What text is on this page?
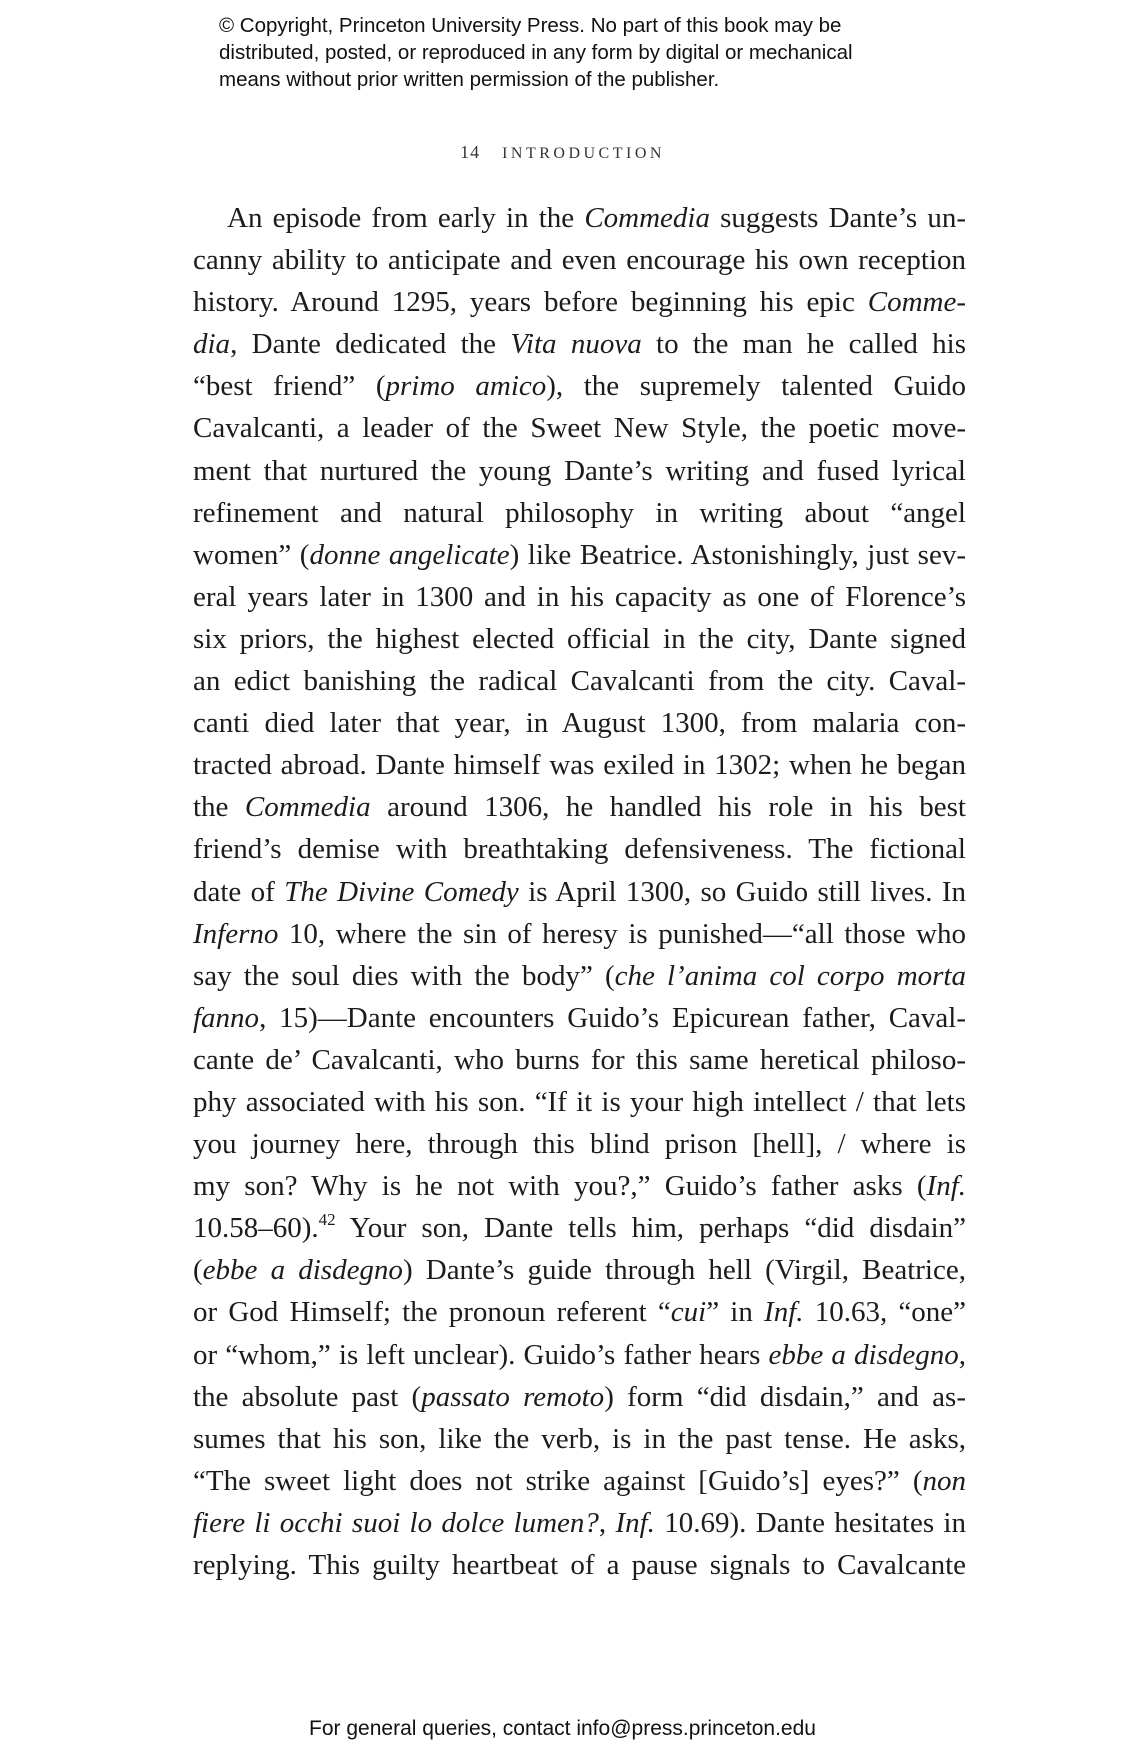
© Copyright, Princeton University Press. No part of this book may be
distributed, posted, or reproduced in any form by digital or mechanical
means without prior written permission of the publisher.
14 INTRODUCTION
An episode from early in the Commedia suggests Dante’s un-
canny ability to anticipate and even encourage his own reception
history. Around 1295, years before beginning his epic Comme-
dia, Dante dedicated the Vita nuova to the man he called his
“best friend” (primo amico), the supremely talented Guido
Cavalcanti, a leader of the Sweet New Style, the poetic move-
ment that nurtured the young Dante’s writing and fused lyrical
refinement and natural philosophy in writing about “angel
women” (donne angelicate) like Beatrice. Astonishingly, just sev-
eral years later in 1300 and in his capacity as one of Florence’s
six priors, the highest elected official in the city, Dante signed
an edict banishing the radical Cavalcanti from the city. Caval-
canti died later that year, in August 1300, from malaria con-
tracted abroad. Dante himself was exiled in 1302; when he began
the Commedia around 1306, he handled his role in his best
friend’s demise with breathtaking defensiveness. The fictional
date of The Divine Comedy is April 1300, so Guido still lives. In
Inferno 10, where the sin of heresy is punished—“all those who
say the soul dies with the body” (che l’anima col corpo morta
fanno, 15)—Dante encounters Guido’s Epicurean father, Caval-
cante de’ Cavalcanti, who burns for this same heretical philoso-
phy associated with his son. “If it is your high intellect / that lets
you journey here, through this blind prison [hell], / where is
my son? Why is he not with you?,” Guido’s father asks (Inf.
10.58–60).$^{42}$ Your son, Dante tells him, perhaps “did disdain”
(ebbe a disdegno) Dante’s guide through hell (Virgil, Beatrice,
or God Himself; the pronoun referent “cui” in Inf. 10.63, “one”
or “whom,” is left unclear). Guido’s father hears ebbe a disdegno,
the absolute past (passato remoto) form “did disdain,” and as-
sumes that his son, like the verb, is in the past tense. He asks,
“The sweet light does not strike against [Guido’s] eyes?” (non
fiere li occhi suoi lo dolce lumen?, Inf. 10.69). Dante hesitates in
replying. This guilty heartbeat of a pause signals to Cavalcante
For general queries, contact info@press.princeton.edu
